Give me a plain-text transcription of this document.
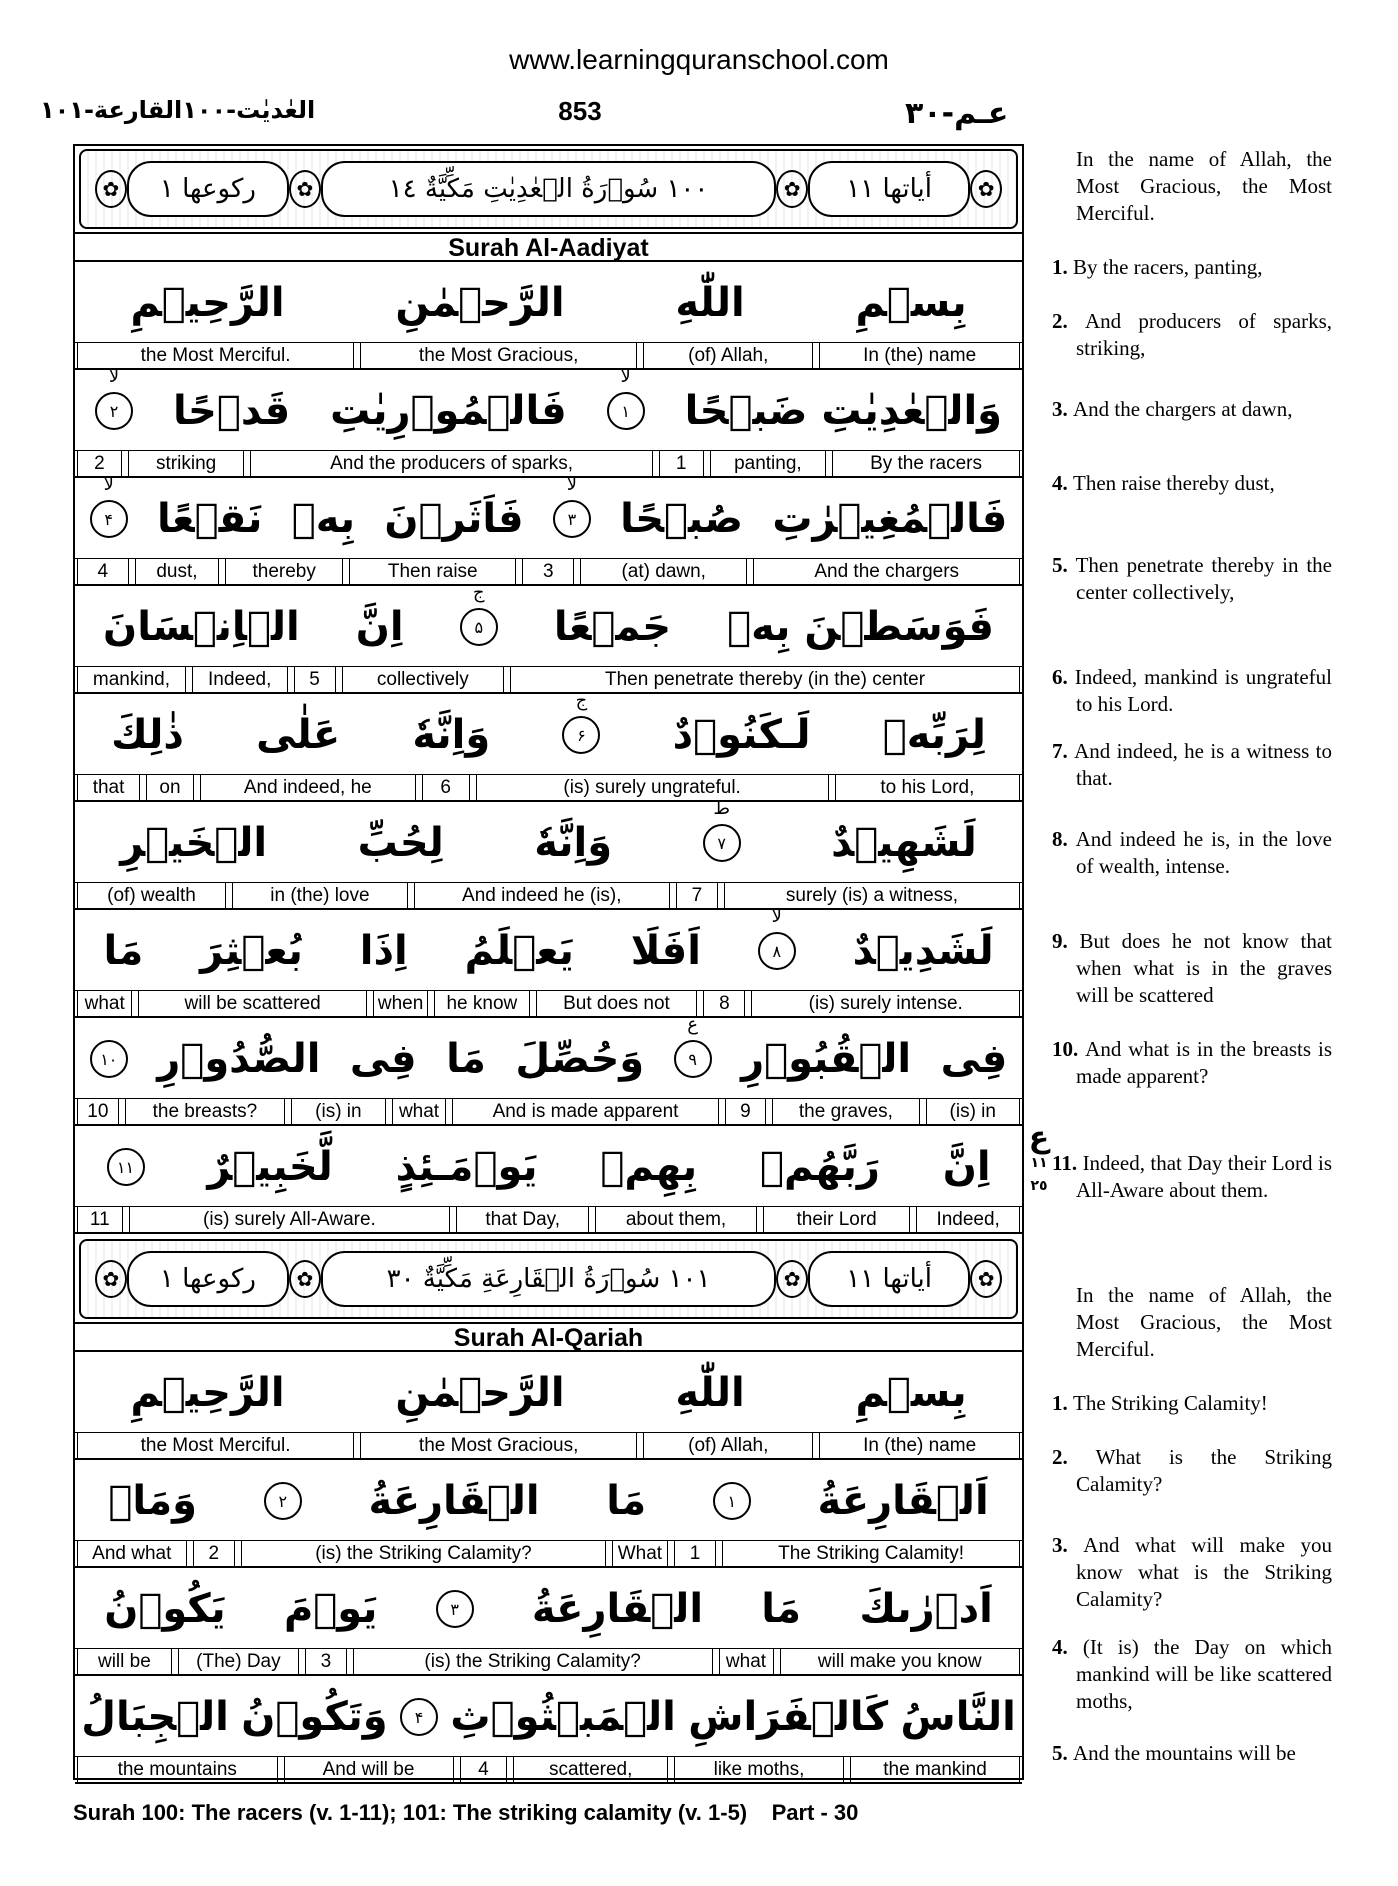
www.learningquranschool.com
العٰديٰت-١٠٠القارعة-١٠١	853	عـم-٣٠
✿
أياتها ١١
✿
١٠٠ سُوۡرَةُ الۡعٰدِيٰتِ مَكِّيَّةٌ ١٤
✿
رکوعها ١
✿
Surah Al-Aadiyat
✿
أياتها ١١
✿
١٠١ سُوۡرَةُ الۡقَارِعَةِ مَكِّيَّةٌ ٣٠
✿
رکوعها ١
✿
Surah Al-Qariah
بِسۡمِ
اللّٰهِ
الرَّحۡمٰنِ
الرَّحِيۡمِ
In (the) name
(of) Allah,
the Most Gracious,
the Most Merciful.
وَالۡعٰدِيٰتِ ضَبۡحًا
۱
لا
فَالۡمُوۡرِيٰتِ
قَدۡحًا
۲
لا
By the racers
panting,
1
And the producers of sparks,
striking
2
فَالۡمُغِيۡرٰتِ
صُبۡحًا
۳
لا
فَاَثَرۡنَ
بِهٖ
نَقۡعًا
۴
لا
And the chargers
(at) dawn,
3
Then raise
thereby
dust,
4
فَوَسَطۡنَ بِهٖ
جَمۡعًا
۵
ج
اِنَّ
الۡاِنۡسَانَ
Then penetrate thereby (in the) center
collectively
5
Indeed,
mankind,
لِرَبِّهٖ
لَـكَنُوۡدٌ
۶
ج
وَاِنَّهٗ
عَلٰى
ذٰلِكَ
to his Lord,
(is) surely ungrateful.
6
And indeed, he
on
that
لَشَهِيۡدٌ
۷
ط
وَاِنَّهٗ
لِحُبِّ
الۡخَيۡرِ
surely (is) a witness,
7
And indeed he (is),
in (the) love
(of) wealth
لَشَدِيۡدٌ
۸
لا
اَفَلَا
يَعۡلَمُ
اِذَا
بُعۡثِرَ
مَا
(is) surely intense.
8
But does not
he know
when
will be scattered
what
فِى
الۡقُبُوۡرِ
۹
ع
وَحُصِّلَ
مَا
فِى
الصُّدُوۡرِ
۱۰
(is) in
the graves,
9
And is made apparent
what
(is) in
the breasts?
10
اِنَّ
رَبَّهُمۡ
بِهِمۡ
يَوۡمَـئِذٍ
لَّخَبِيۡرٌ
۱۱
Indeed,
their Lord
about them,
that Day,
(is) surely All-Aware.
11
بِسۡمِ
اللّٰهِ
الرَّحۡمٰنِ
الرَّحِيۡمِ
In (the) name
(of) Allah,
the Most Gracious,
the Most Merciful.
اَلۡقَارِعَةُ
۱
مَا
الۡقَارِعَةُ
۲
وَمَاۤ
The Striking Calamity!
1
What
(is) the Striking Calamity?
2
And what
اَدۡرٰٮكَ
مَا
الۡقَارِعَةُ
۳
يَوۡمَ
يَكُوۡنُ
will make you know
what
(is) the Striking Calamity?
3
(The) Day
will be
النَّاسُ
كَالۡفَرَاشِ
الۡمَبۡثُوۡثِ
۴
وَتَكُوۡنُ
الۡجِبَالُ
the mankind
like moths,
scattered,
4
And will be
the mountains
ع
١١ ٢٥
Surah 100: The racers (v. 1-11); 101: The striking calamity (v. 1-5)    Part - 30
In the name of Allah, the Most Gracious, the Most Merciful.
1. By the racers, panting,
2. And producers of sparks, striking,
3. And the chargers at dawn,
4. Then raise thereby dust,
5. Then penetrate thereby in the center collectively,
6. Indeed, mankind is ungrateful to his Lord.
7. And indeed, he is a witness to that.
8. And indeed he is, in the love of wealth, intense.
9. But does he not know that when what is in the graves will be scattered
10. And what is in the breasts is made apparent?
11. Indeed, that Day their Lord is All-Aware about them.
In the name of Allah, the Most Gracious, the Most Merciful.
1. The Striking Calamity!
2. What is the Striking Calamity?
3. And what will make you know what is the Striking Calamity?
4. (It is) the Day on which mankind will be like scattered moths,
5. And the mountains will be
